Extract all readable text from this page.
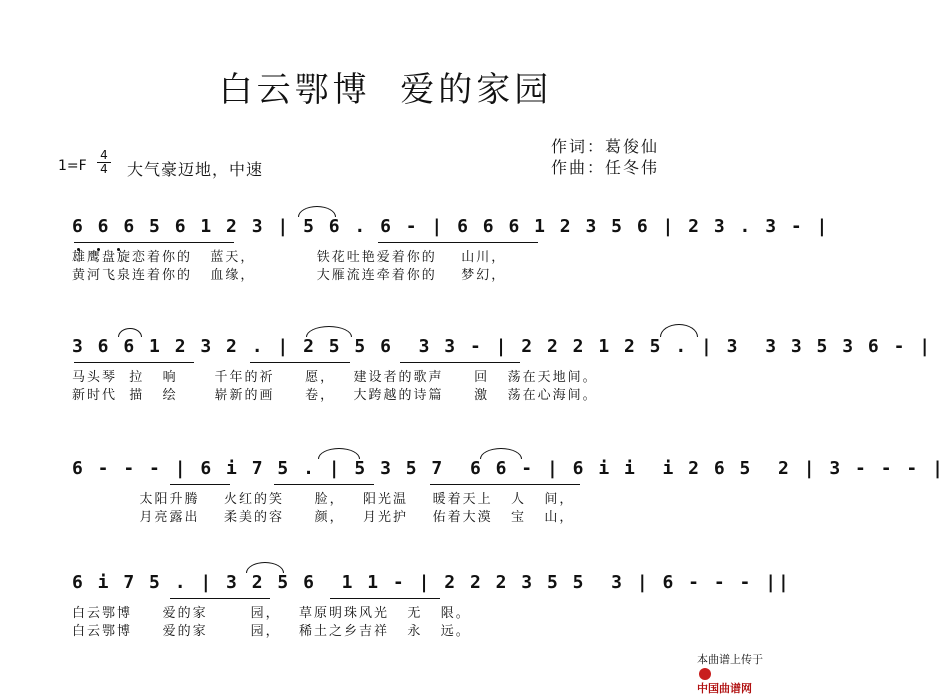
白云鄂博  爱的家园
作词：葛俊仙
作曲：任冬伟
1=F
4
4 大气豪迈地，中速
6 6 6 5 6 1 2 3 | 5 6 . 6 - | 6 6 6 1 2 3 5 6 | 2 3 . 3 - |
雄鹰盘旋恋着你的   蓝天，          铁花吐艳爱着你的    山川，
黄河飞泉连着你的   血缘，          大雁流连牵着你的    梦幻，
3 6 6 1 2 3 2 . | 2 5 5 6  3 3 - | 2 2 2 1 2 5 . | 3  3 3 5 3 6 - |
马头琴  拉   响      千年的祈     愿，   建设者的歌声     回   荡在天地间。
新时代  描   绘      崭新的画     卷，   大跨越的诗篇     激   荡在心海间。
6 - - - | 6 i 7 5 . | 5 3 5 7  6 6 - | 6 i i  i 2 6 5  2 | 3 - - - |
太阳升腾    火红的笑     脸，   阳光温    暖着天上   人   间，
月亮露出    柔美的容     颜，   月光护    佑着大漠   宝   山，
6 i 7 5 . | 3 2 5 6  1 1 - | 2 2 2 3 5 5  3 | 6 - - - ||
白云鄂博     爱的家       园，   草原明珠风光   无   限。
白云鄂博     爱的家       园，   稀土之乡吉祥   永   远。

本曲谱上传于

中国曲谱网
